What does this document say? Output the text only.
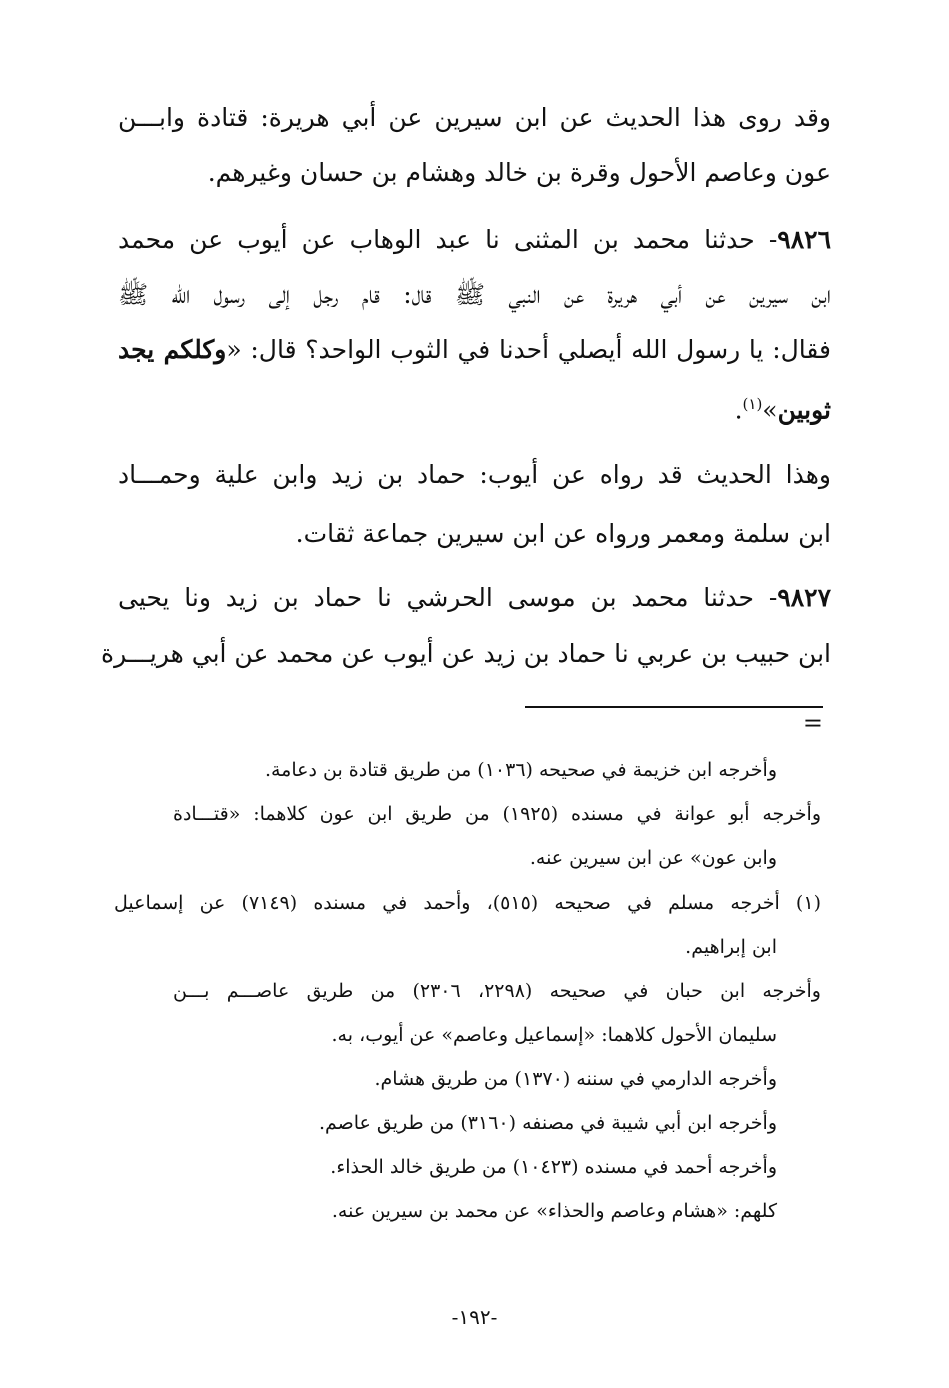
وقد روى هذا الحديث عن ابن سيرين عن أبي هريرة: قتادة وابـــن
عون وعاصم الأحول وقرة بن خالد وهشام بن حسان وغيرهم.
٩٨٢٦- حدثنا محمد بن المثنى نا عبد الوهاب عن أيوب عن محمد
ابن سيرين عن أبي هريرة عن النبي ﷺ قال: قام رجل إلى رسول الله ﷺ
فقال: يا رسول الله أيصلي أحدنا في الثوب الواحد؟ قال: «وكلكم يجد
ثوبين»$^{(١)}$.
وهذا الحديث قد رواه عن أيوب: حماد بن زيد وابن علية وحمـــاد
ابن سلمة ومعمر ورواه عن ابن سيرين جماعة ثقات.
٩٨٢٧- حدثنا محمد بن موسى الحرشي نا حماد بن زيد ونا يحيى
ابن حبيب بن عربي نا حماد بن زيد عن أيوب عن محمد عن أبي هريـــرة
=
وأخرجه ابن خزيمة في صحيحه (١٠٣٦) من طريق قتادة بن دعامة.
وأخرجه أبو عوانة في مسنده (١٩٢٥) من طريق ابن عون كلاهما: «قتـــادة
وابن عون» عن ابن سيرين عنه.
(١) أخرجه مسلم في صحيحه (٥١٥)، وأحمد في مسنده (٧١٤٩) عن إسماعيل
ابن إبراهيم.
وأخرجه ابن حبان في صحيحه (٢٢٩٨، ٢٣٠٦) من طريق عاصـــم بـــن
سليمان الأحول كلاهما: «إسماعيل وعاصم» عن أيوب، به.
وأخرجه الدارمي في سننه (١٣٧٠) من طريق هشام.
وأخرجه ابن أبي شيبة في مصنفه (٣١٦٠) من طريق عاصم.
وأخرجه أحمد في مسنده (١٠٤٢٣) من طريق خالد الحذاء.
كلهم: «هشام وعاصم والحذاء» عن محمد بن سيرين عنه.
-١٩٢-
